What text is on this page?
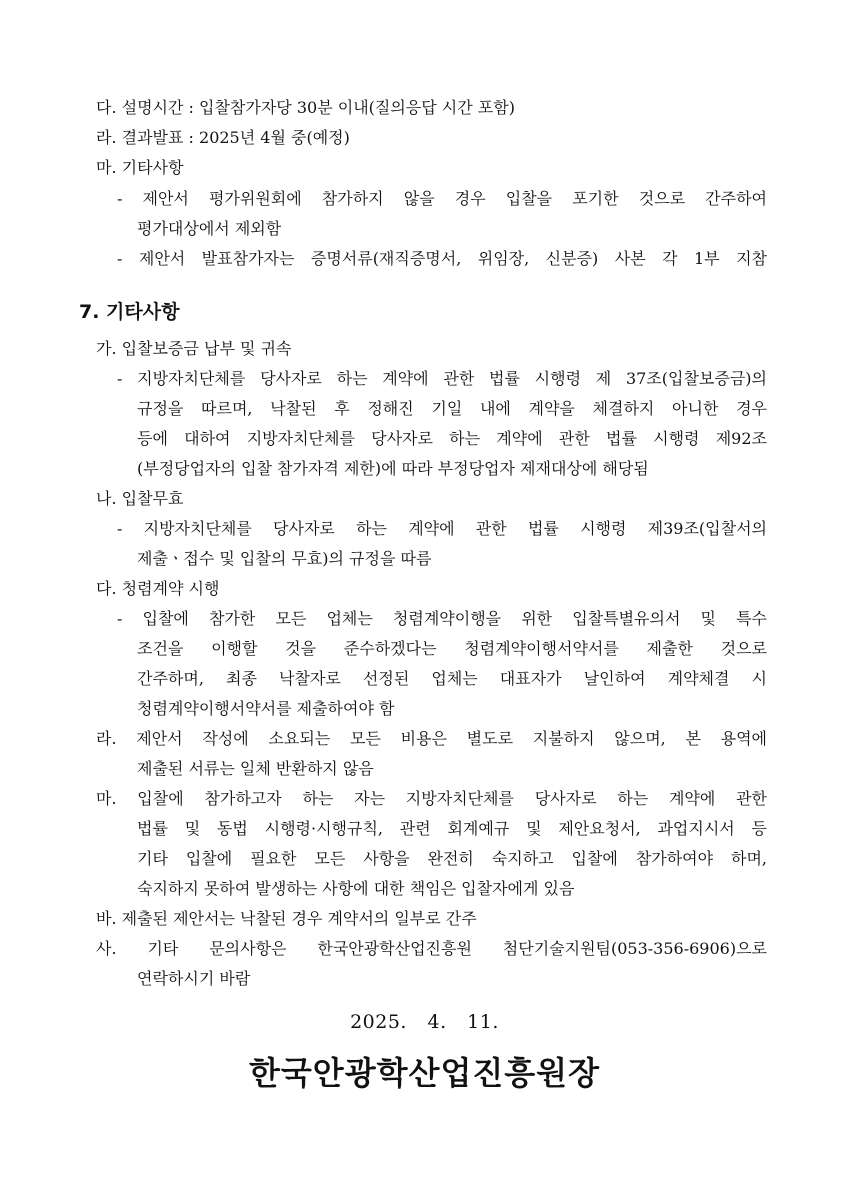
다. 설명시간 : 입찰참가자당 30분 이내(질의응답 시간 포함)
라. 결과발표 : 2025년 4월 중(예정)
마. 기타사항
- 제안서 평가위원회에 참가하지 않을 경우 입찰을 포기한 것으로 간주하여
평가대상에서 제외함
- 제안서 발표참가자는 증명서류(재직증명서, 위임장, 신분증) 사본 각 1부 지참
7. 기타사항
가. 입찰보증금 납부 및 귀속
- 지방자치단체를 당사자로 하는 계약에 관한 법률 시행령 제 37조(입찰보증금)의
규정을 따르며, 낙찰된 후 정해진 기일 내에 계약을 체결하지 아니한 경우
등에 대하여 지방자치단체를 당사자로 하는 계약에 관한 법률 시행령 제92조
(부정당업자의 입찰 참가자격 제한)에 따라 부정당업자 제재대상에 해당됨
나. 입찰무효
- 지방자치단체를 당사자로 하는 계약에 관한 법률 시행령 제39조(입찰서의
제출ㆍ접수 및 입찰의 무효)의 규정을 따름
다. 청렴계약 시행
- 입찰에 참가한 모든 업체는 청렴계약이행을 위한 입찰특별유의서 및 특수
조건을 이행할 것을 준수하겠다는 청렴계약이행서약서를 제출한 것으로
간주하며, 최종 낙찰자로 선정된 업체는 대표자가 날인하여 계약체결 시
청렴계약이행서약서를 제출하여야 함
라. 제안서 작성에 소요되는 모든 비용은 별도로 지불하지 않으며, 본 용역에
제출된 서류는 일체 반환하지 않음
마. 입찰에 참가하고자 하는 자는 지방자치단체를 당사자로 하는 계약에 관한
법률 및 동법 시행령·시행규칙, 관련 회계예규 및 제안요청서, 과업지시서 등
기타 입찰에 필요한 모든 사항을 완전히 숙지하고 입찰에 참가하여야 하며,
숙지하지 못하여 발생하는 사항에 대한 책임은 입찰자에게 있음
바. 제출된 제안서는 낙찰된 경우 계약서의 일부로 간주
사. 기타 문의사항은 한국안광학산업진흥원 첨단기술지원팀(053-356-6906)으로
연락하시기 바람
2025. 4. 11.
한국안광학산업진흥원장
